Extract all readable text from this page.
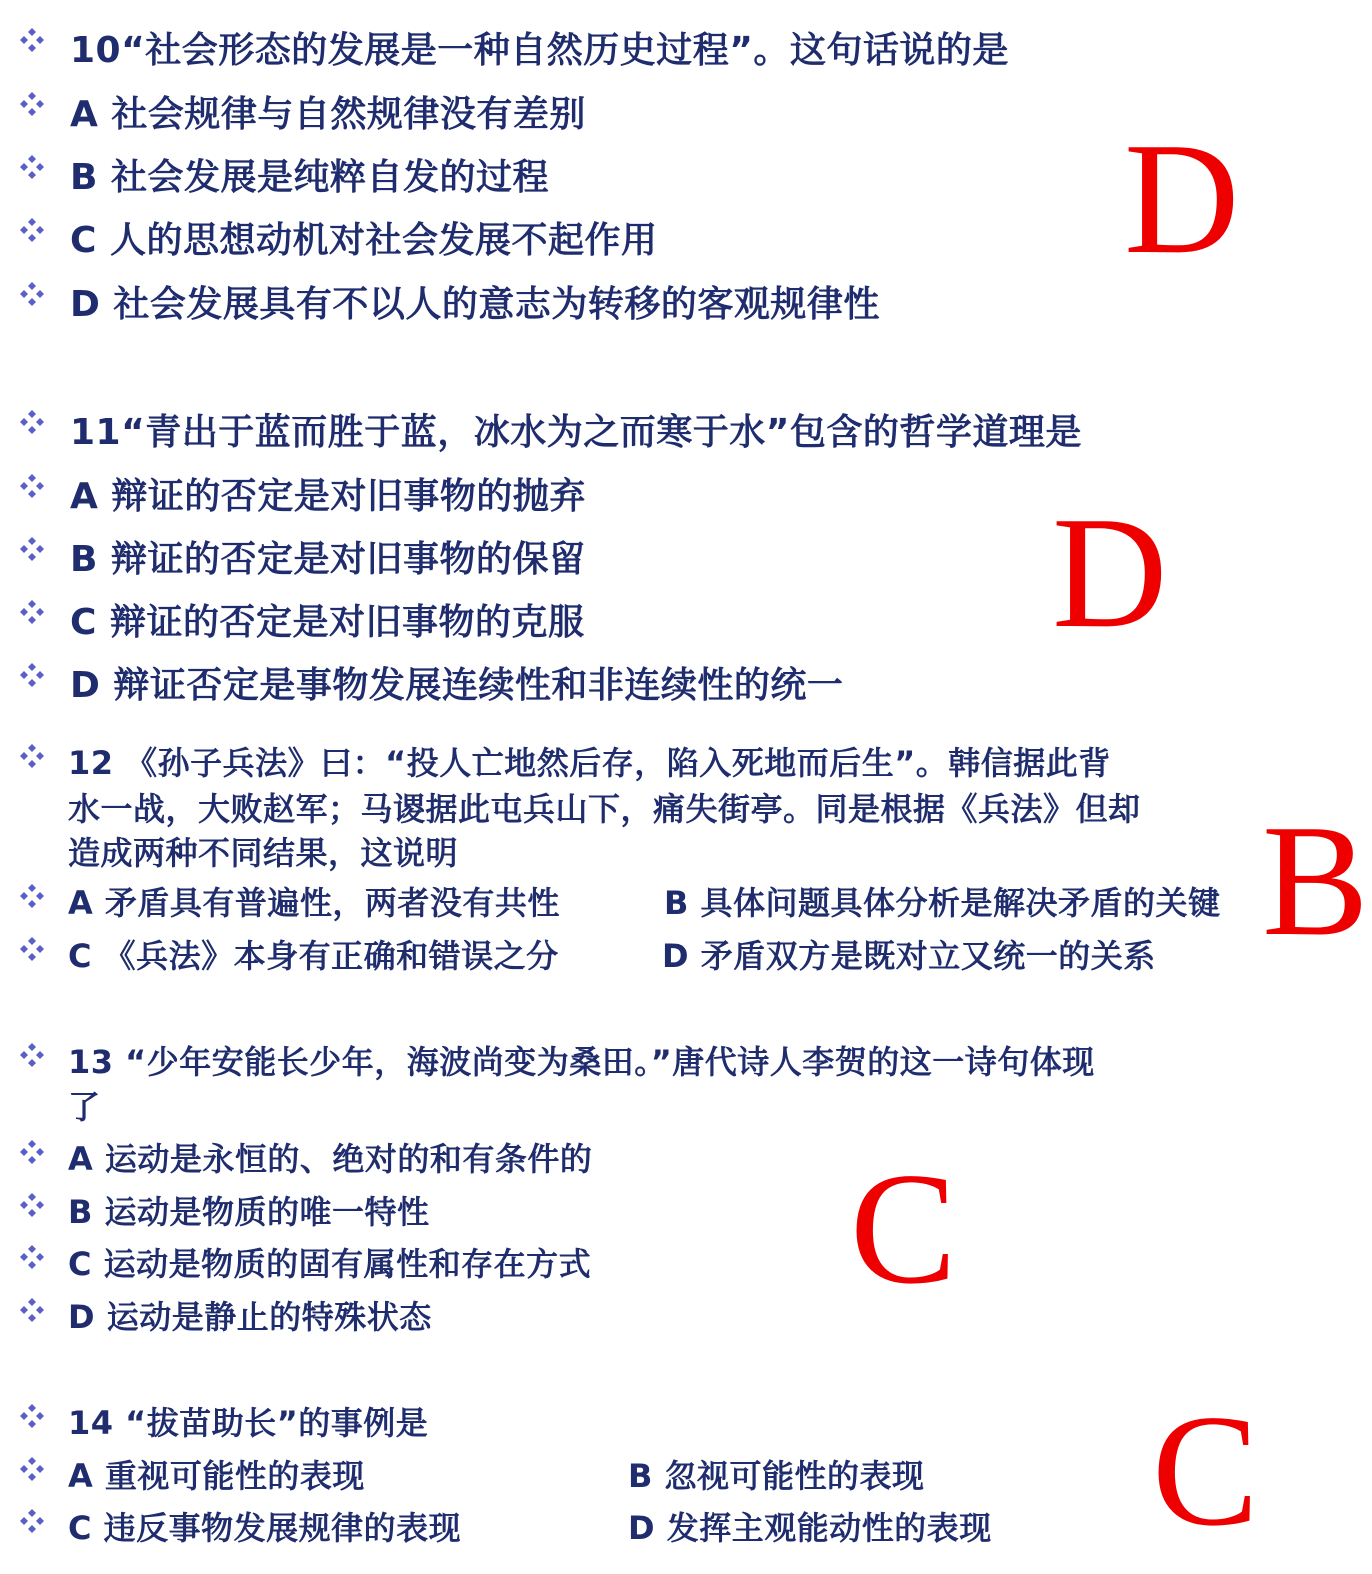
10“社会形态的发展是一种自然历史过程”。这句话说的是
A 社会规律与自然规律没有差别
B 社会发展是纯粹自发的过程
C 人的思想动机对社会发展不起作用
D 社会发展具有不以人的意志为转移的客观规律性
D
11“青出于蓝而胜于蓝，冰水为之而寒于水”包含的哲学道理是
A 辩证的否定是对旧事物的抛弃
B 辩证的否定是对旧事物的保留
C 辩证的否定是对旧事物的克服
D 辩证否定是事物发展连续性和非连续性的统一
D
12 《孙子兵法》曰：“投人亡地然后存，陷入死地而后生”。韩信据此背
水一战，大败赵军；马谡据此屯兵山下，痛失街亭。同是根据《兵法》但却
造成两种不同结果，这说明
A 矛盾具有普遍性，两者没有共性	B 具体问题具体分析是解决矛盾的关键
C 《兵法》本身有正确和错误之分	D 矛盾双方是既对立又统一的关系 B
13 “少年安能长少年，海波尚变为桑田。”唐代诗人李贺的这一诗句体现
了
A 运动是永恒的、绝对的和有条件的
B 运动是物质的唯一特性
C 运动是物质的固有属性和存在方式
D 运动是静止的特殊状态	C
14 “拔苗助长”的事例是
A 重视可能性的表现	B 忽视可能性的表现
C 违反事物发展规律的表现	D 发挥主观能动性的表现 C
